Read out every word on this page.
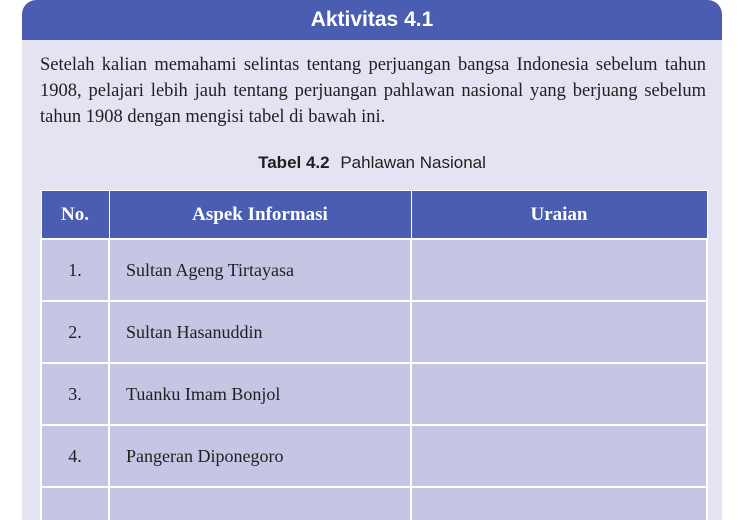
Aktivitas 4.1

Setelah kalian memahami selintas tentang perjuangan bangsa Indonesia sebelum tahun 1908, pelajari lebih jauh tentang perjuangan pahlawan nasional yang berjuang sebelum tahun 1908 dengan mengisi tabel di bawah ini.

Tabel 4.2 Pahlawan Nasional
No.	Aspek Informasi	Uraian
1.	Sultan Ageng Tirtayasa	
2.	Sultan Hasanuddin	
3.	Tuanku Imam Bonjol	
4.	Pangeran Diponegoro	
